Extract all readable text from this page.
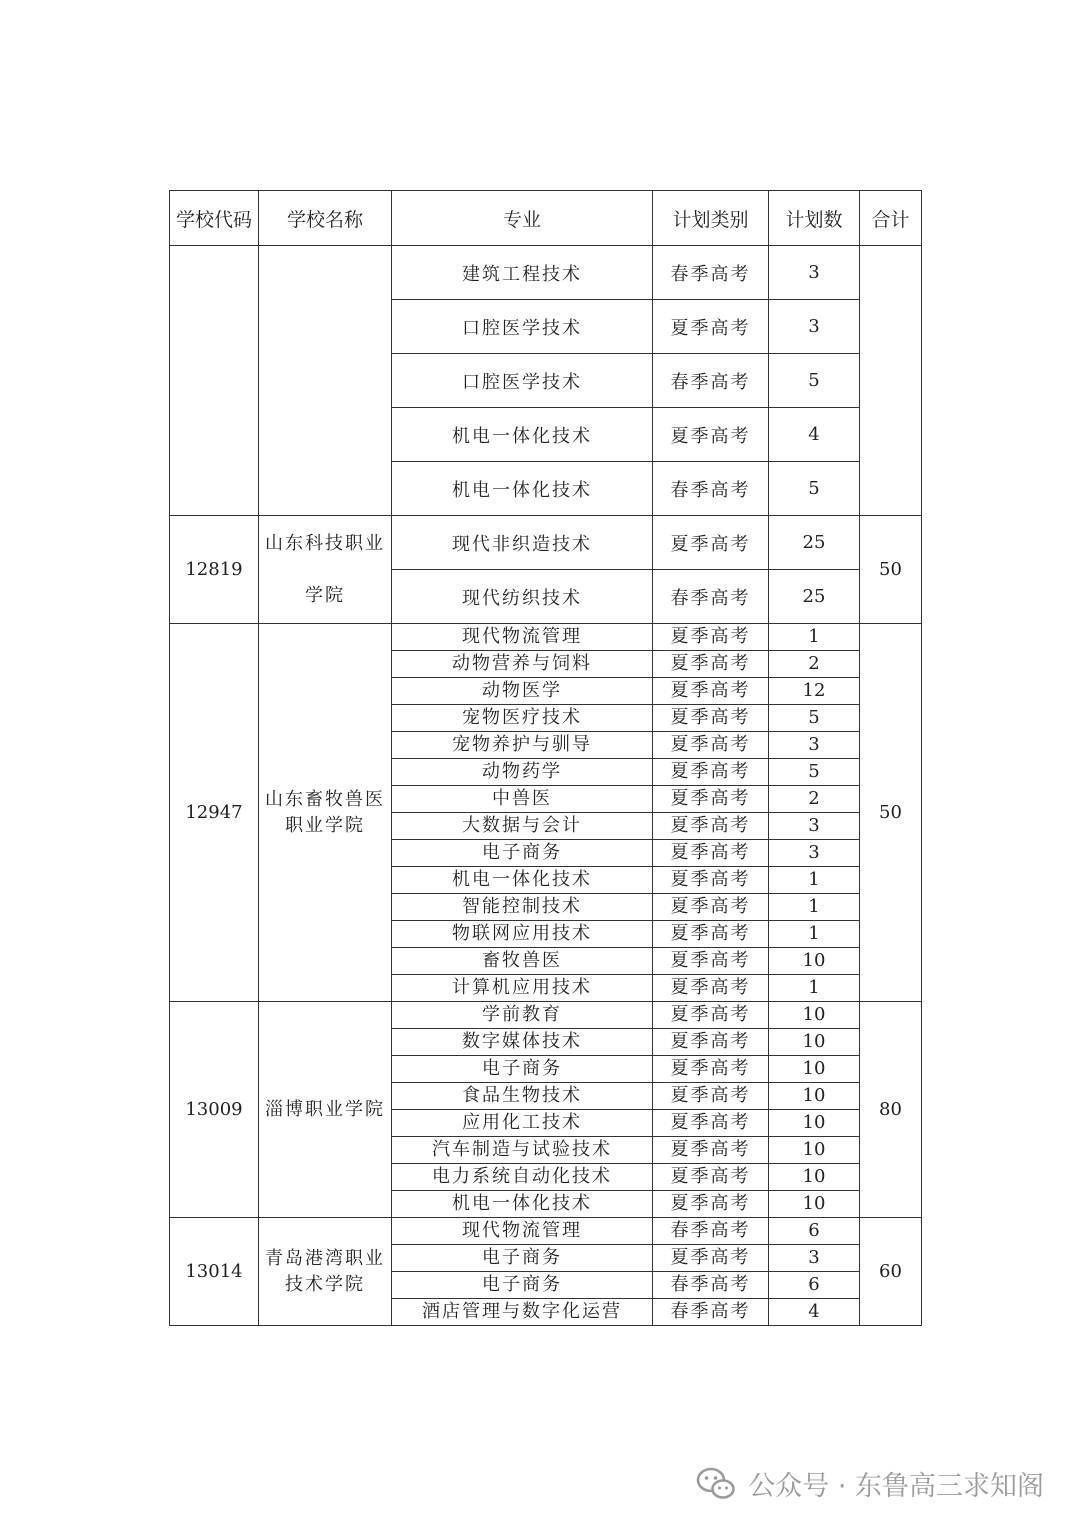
学校代码	学校名称	专业	计划类别	计划数	合计
		建筑工程技术	春季高考	3	
		口腔医学技术	夏季高考	3	
		口腔医学技术	春季高考	5	
		机电一体化技术	夏季高考	4	
		机电一体化技术	春季高考	5	
12819	山东科技职业学院	现代非织造技术	夏季高考	25	50
		现代纺织技术	春季高考	25	
12947	山东畜牧兽医职业学院	现代物流管理	夏季高考	1	50
		动物营养与饲料	夏季高考	2	
		动物医学	夏季高考	12	
		宠物医疗技术	夏季高考	5	
		宠物养护与驯导	夏季高考	3	
		动物药学	夏季高考	5	
		中兽医	夏季高考	2	
		大数据与会计	夏季高考	3	
		电子商务	夏季高考	3	
		机电一体化技术	夏季高考	1	
		智能控制技术	夏季高考	1	
		物联网应用技术	夏季高考	1	
		畜牧兽医	夏季高考	10	
		计算机应用技术	夏季高考	1	
13009	淄博职业学院	学前教育	夏季高考	10	80
		数字媒体技术	夏季高考	10	
		电子商务	夏季高考	10	
		食品生物技术	夏季高考	10	
		应用化工技术	夏季高考	10	
		汽车制造与试验技术	夏季高考	10	
		电力系统自动化技术	夏季高考	10	
		机电一体化技术	夏季高考	10	
13014	青岛港湾职业技术学院	现代物流管理	春季高考	6	60
		电子商务	夏季高考	3	
		电子商务	春季高考	6	
		酒店管理与数字化运营	春季高考	4	
公众号 · 东鲁高三求知阁
